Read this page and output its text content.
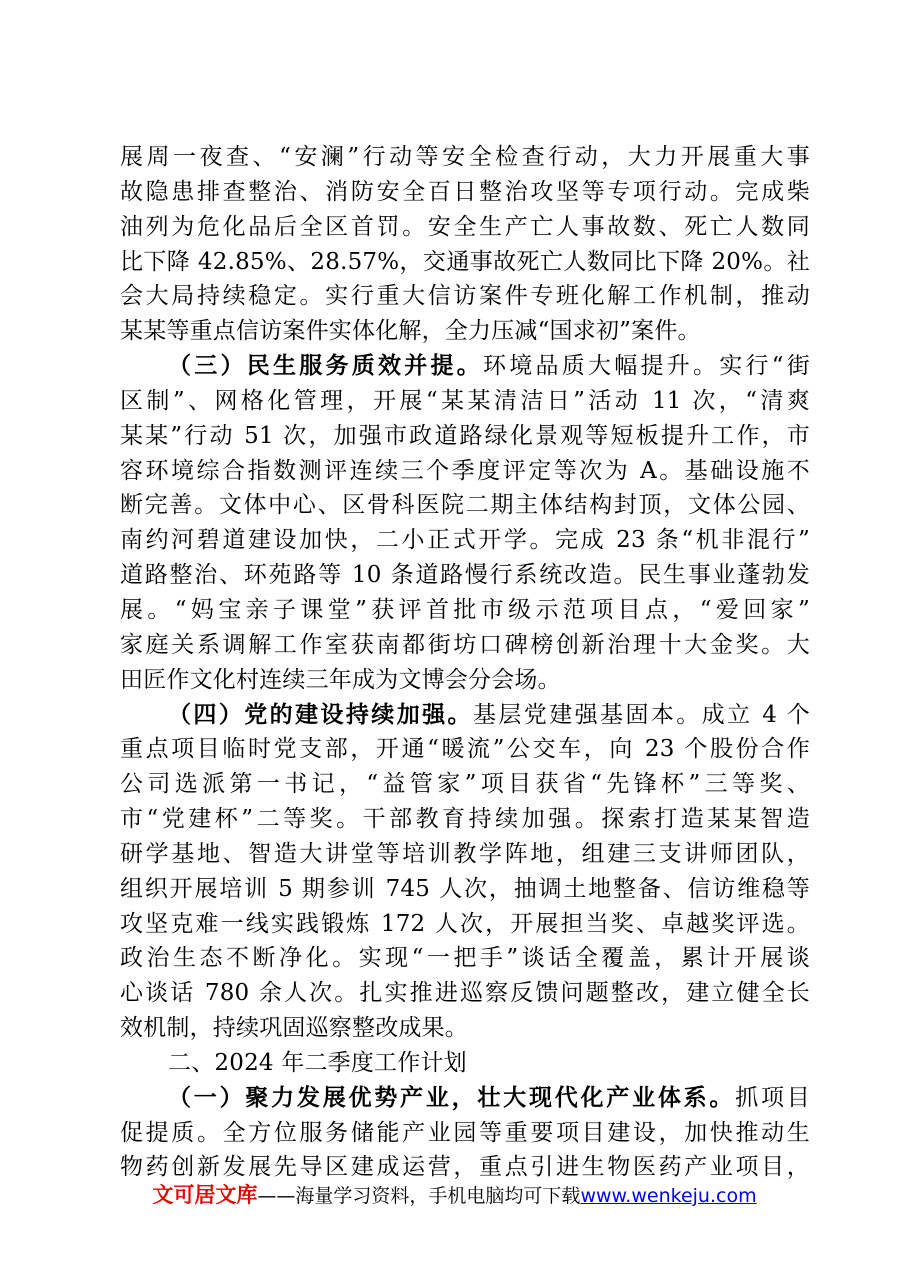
展周一夜查、“安澜”行动等安全检查行动，大力开展重大事
故隐患排查整治、消防安全百日整治攻坚等专项行动。完成柴
油列为危化品后全区首罚。安全生产亡人事故数、死亡人数同
比下降 42.85%、28.57%，交通事故死亡人数同比下降 20%。社
会大局持续稳定。实行重大信访案件专班化解工作机制，推动
某某等重点信访案件实体化解，全力压减“国求初”案件。
（三）民生服务质效并提。环境品质大幅提升。实行“街
区制”、网格化管理，开展“某某清洁日”活动 11 次，“清爽
某某”行动 51 次，加强市政道路绿化景观等短板提升工作，市
容环境综合指数测评连续三个季度评定等次为 A。基础设施不
断完善。文体中心、区骨科医院二期主体结构封顶，文体公园、
南约河碧道建设加快，二小正式开学。完成 23 条“机非混行”
道路整治、环苑路等 10 条道路慢行系统改造。民生事业蓬勃发
展。“妈宝亲子课堂”获评首批市级示范项目点，“爱回家”
家庭关系调解工作室获南都街坊口碑榜创新治理十大金奖。大
田匠作文化村连续三年成为文博会分会场。
（四）党的建设持续加强。基层党建强基固本。成立 4 个
重点项目临时党支部，开通“暖流”公交车，向 23 个股份合作
公司选派第一书记，“益管家”项目获省“先锋杯”三等奖、
市“党建杯”二等奖。干部教育持续加强。探索打造某某智造
研学基地、智造大讲堂等培训教学阵地，组建三支讲师团队，
组织开展培训 5 期参训 745 人次，抽调土地整备、信访维稳等
攻坚克难一线实践锻炼 172 人次，开展担当奖、卓越奖评选。
政治生态不断净化。实现“一把手”谈话全覆盖，累计开展谈
心谈话 780 余人次。扎实推进巡察反馈问题整改，建立健全长
效机制，持续巩固巡察整改成果。
二、2024 年二季度工作计划
（一）聚力发展优势产业，壮大现代化产业体系。抓项目
促提质。全方位服务储能产业园等重要项目建设，加快推动生
物药创新发展先导区建成运营，重点引进生物医药产业项目，
文可居文库——海量学习资料，手机电脑均可下载www.wenkeju.com
